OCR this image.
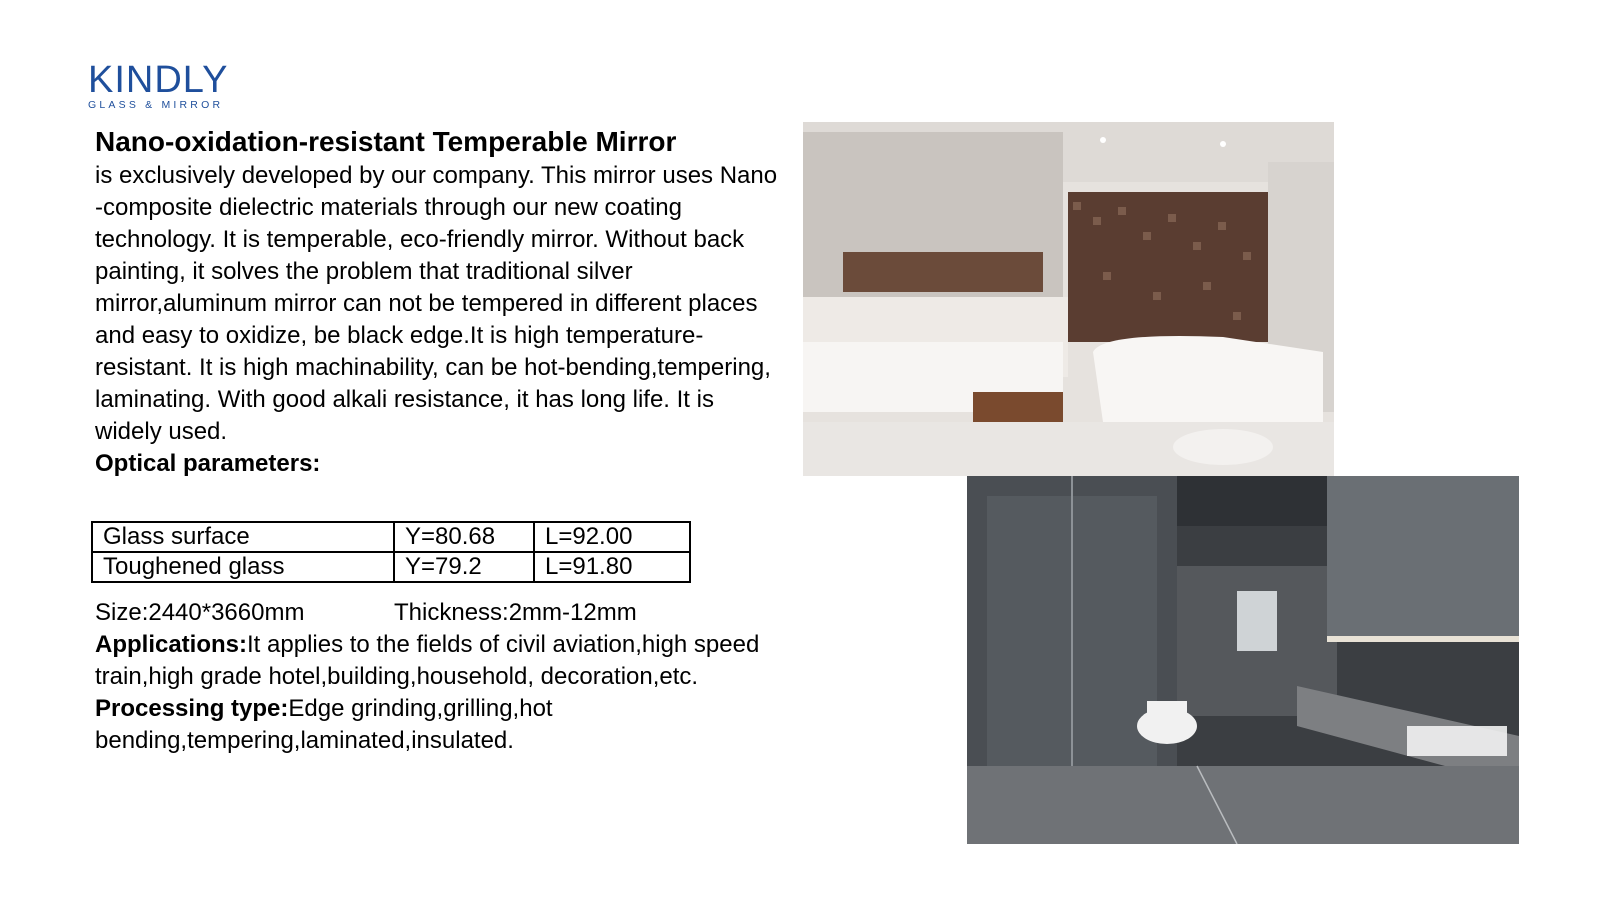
KINDLY
GLASS & MIRROR

Nano-oxidation-resistant Temperable Mirror

is exclusively developed by our company. This mirror uses Nano -composite dielectric materials through our new coating technology. It is temperable, eco-friendly mirror. Without back painting, it solves the problem that traditional silver mirror,aluminum mirror can not be tempered in different places and easy to oxidize, be black edge.It is high temperature-resistant. It is high machinability, can be hot-bending,tempering, laminating. With good alkali resistance, it has long life. It is widely used.

Optical parameters:

Glass surface	Y=80.68	L=92.00
Toughened glass	Y=79.2	L=91.80
Size:2440*3660mm	Thickness:2mm-12mm
Applications:It applies to the fields of civil aviation,high speed train,high grade hotel,building,household, decoration,etc.
Processing type:Edge grinding,grilling,hot bending,tempering,laminated,insulated.
